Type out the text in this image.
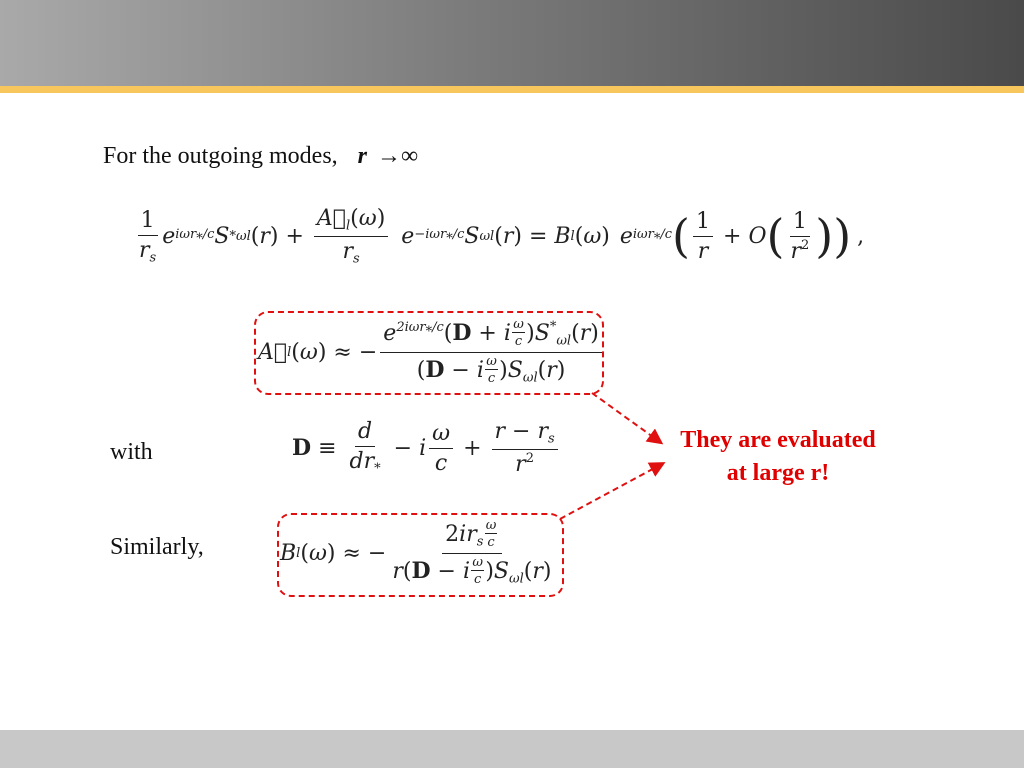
For the outgoing modes, r →∞
$\frac{1}{r_s}$ e iωr$_*$/c S * ωl ( r ) + $\frac{A⃗_l(\omega)}{r_s}$ e −iωr$_*$/c S ωl ( r ) = B l ( ω ) e iωr$_*$/c ( $\frac{1}{r} + O$ ( $\frac{1}{r^2}$ ) ) ,
A⃗ l ( ω ) ≈ − $\frac{e^{2i\omega r_*/c}(D + i \frac{\omega}{c} )S^*_{\omega l}(r)}{(D - i \frac{\omega}{c} )S_{\omega l}(r)}$
with	$D \equiv \frac{d}{dr_*} - i \frac{\omega}{c} + \frac{r - r_s}{r^2}$
Similarly,	B l ( ω ) ≈ − $\frac{2ir_s \frac{\omega}{c}}{r(D - i \frac{\omega}{c} )S_{\omega l}(r)}$
They are evaluated
at large r!
